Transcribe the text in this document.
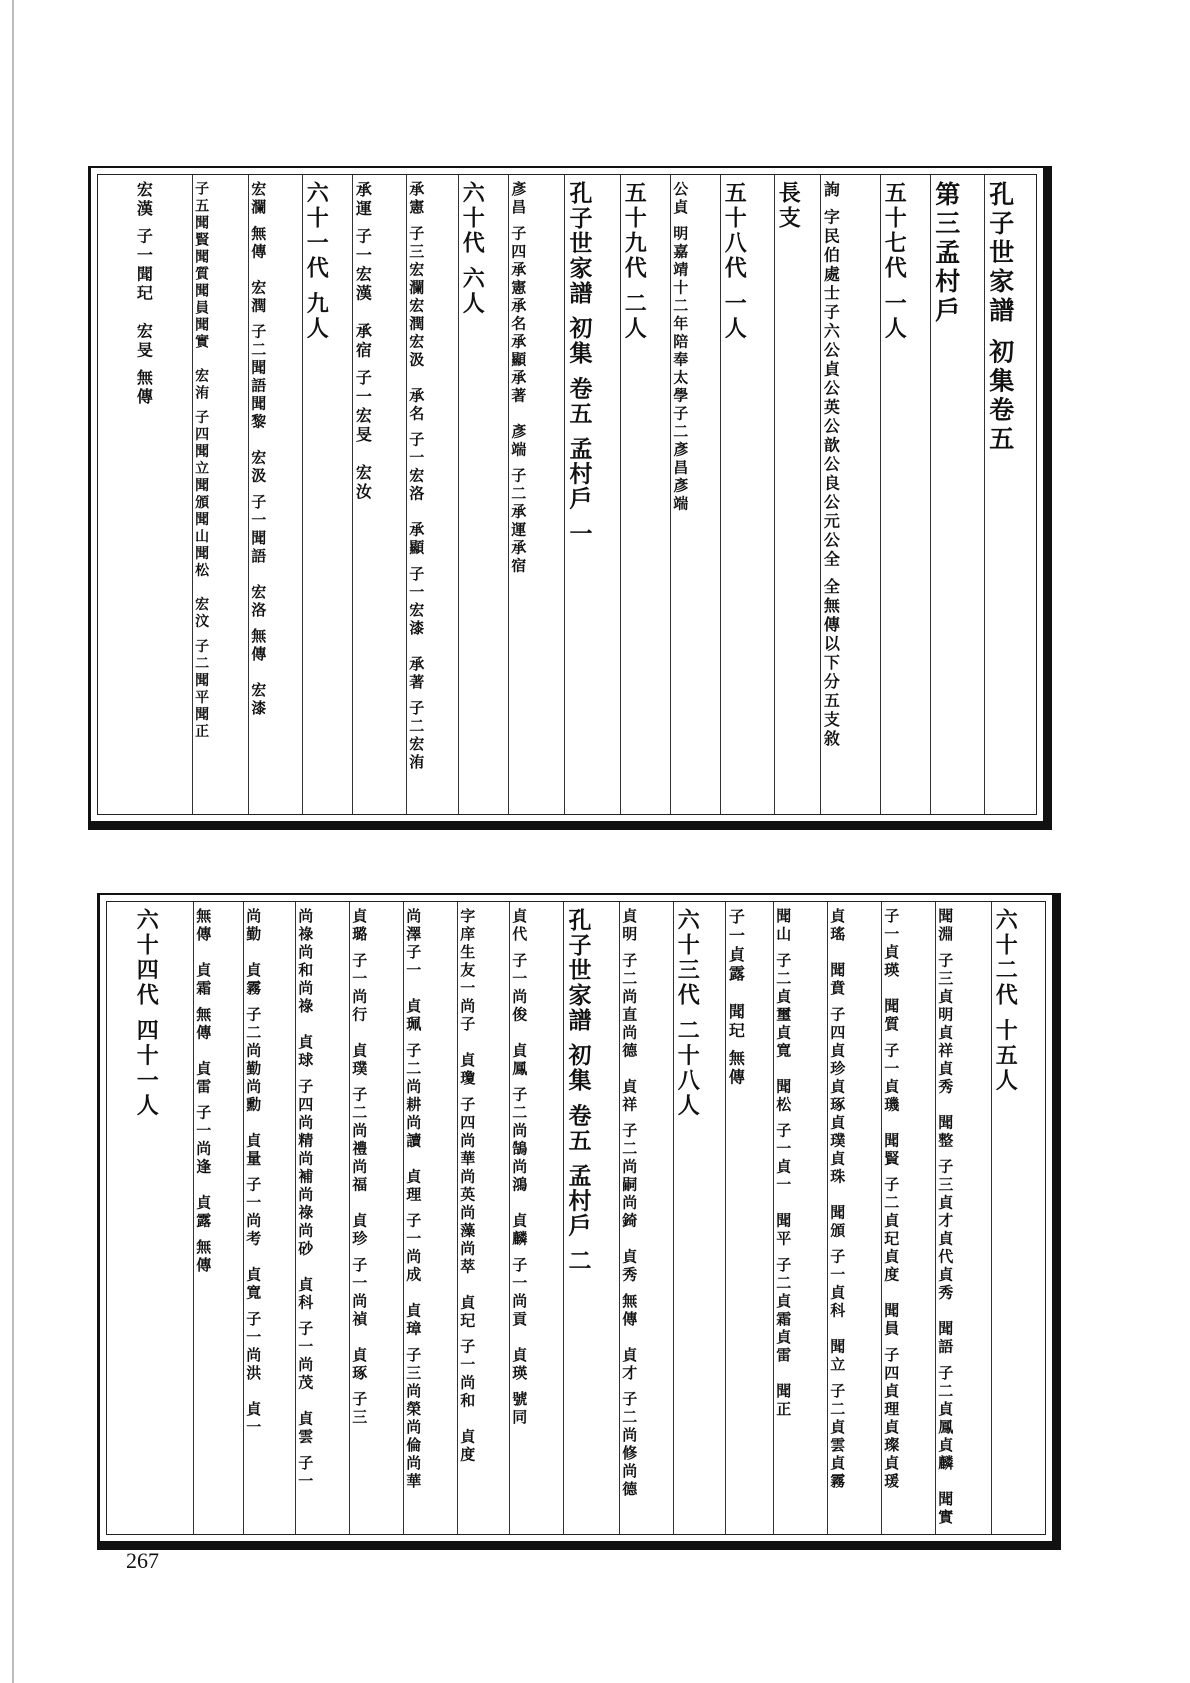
孔子世家譜 初集卷五
第三孟村戶
五十七代 一人
詢 字民伯處士子六公貞公英公歆公良公元公全 全無傳以下分五支敘
長支
五十八代 一人
公貞 明嘉靖十二年陪奉太學子二彥昌彥端
五十九代 二人
孔子世家譜 初集 卷五 孟村戶 一
彥昌 子四承憲承名承顯承著　彥端 子二承運承宿
六十代 六人
承憲 子三宏瀾宏潤宏汲　承名 子一宏洛　承顯 子一宏漆　承著 子二宏洧
承運 子一宏漢　承宿 子一宏旻　宏汝
六十一代 九人
宏瀾 無傳　宏潤 子二聞語聞黎　宏汲 子一聞語　宏洛 無傳　宏漆
子五聞賢聞質聞員聞實　宏洧 子四聞立聞頒聞山聞松　宏汶 子二聞平聞正
宏漢 子一聞玘　宏旻 無傳
六十二代 十五人
聞淵 子三貞明貞祥貞秀　聞整 子三貞才貞代貞秀　聞語 子二貞鳳貞麟　聞實
子一貞瑛　聞質 子一貞璣　聞賢 子二貞玘貞度　聞員 子四貞理貞璨貞瑗
貞瑤　聞賁 子四貞珍貞琢貞璞貞珠　聞頒 子一貞科　聞立 子二貞雲貞霧
聞山 子二貞璽貞寬　聞松 子一貞一　聞平 子二貞霜貞雷　聞正
子一貞露　聞玘 無傳
六十三代 二十八人
貞明 子二尚直尚德　貞祥 子二尚嗣尚錡　貞秀 無傳　貞才 子二尚修尚德
孔子世家譜 初集 卷五 孟村戶 二
貞代 子一尚俊　貞鳳 子二尚鵠尚鴻　貞麟 子一尚貢　貞瑛 號同
字庠生友一尚子　貞瓊 子四尚華尚英尚藻尚萃　貞玘 子一尚和　貞度
尚澤子一　貞珮 子二尚耕尚讀　貞理 子一尚成　貞璋 子三尚榮尚倫尚華
貞璐 子一尚行　貞璞 子二尚禮尚福　貞珍 子一尚禎　貞琢 子三
尚祿尚和尚祿　貞球 子四尚精尚補尚祿尚砂　貞科 子一尚茂　貞雲 子一
尚勤　貞霧 子二尚勤尚勳　貞量 子一尚考　貞寬 子一尚洪　貞一
無傳　貞霜 無傳　貞雷 子一尚逢　貞露 無傳
六十四代 四十一人
267
